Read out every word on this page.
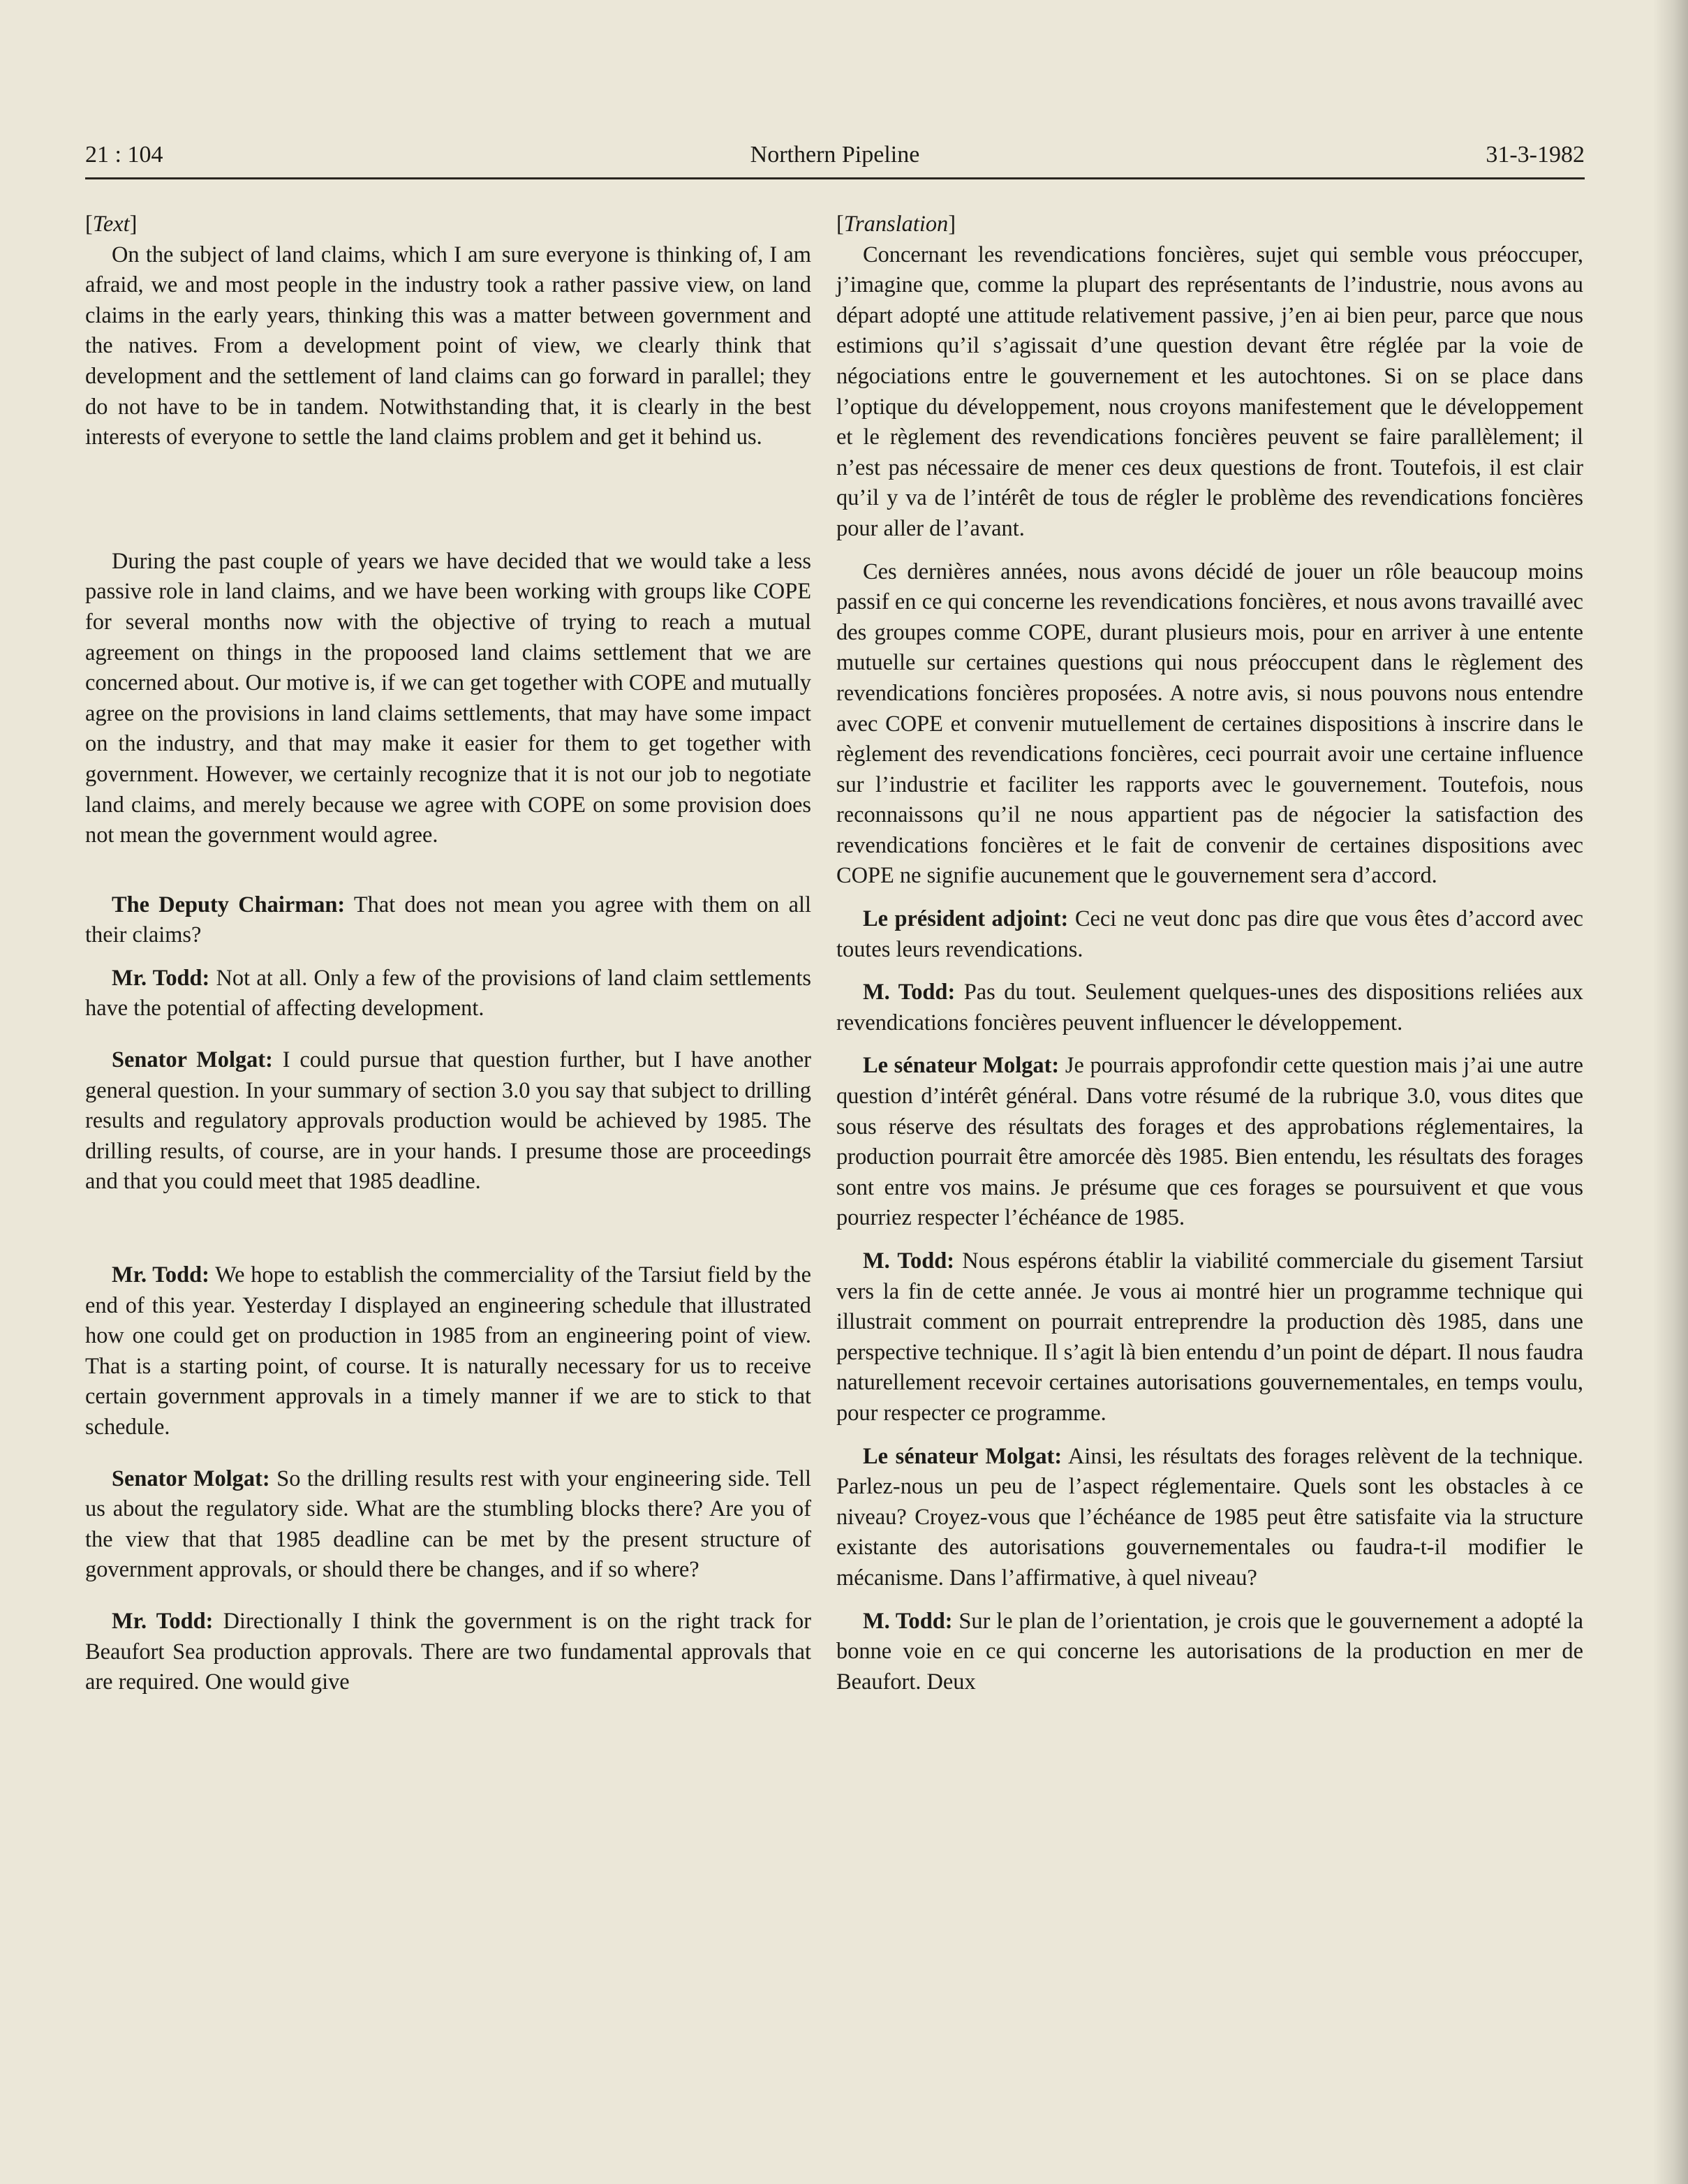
21 : 104	Northern Pipeline	31-3-1982

[Text]

On the subject of land claims, which I am sure everyone is thinking of, I am afraid, we and most people in the industry took a rather passive view, on land claims in the early years, thinking this was a matter between government and the natives. From a development point of view, we clearly think that development and the settlement of land claims can go forward in parallel; they do not have to be in tandem. Notwithstanding that, it is clearly in the best interests of everyone to settle the land claims problem and get it behind us.

During the past couple of years we have decided that we would take a less passive role in land claims, and we have been working with groups like COPE for several months now with the objective of trying to reach a mutual agreement on things in the propoosed land claims settlement that we are concerned about. Our motive is, if we can get together with COPE and mutually agree on the provisions in land claims settlements, that may have some impact on the industry, and that may make it easier for them to get together with government. However, we certainly recognize that it is not our job to negotiate land claims, and merely because we agree with COPE on some provision does not mean the government would agree.

The Deputy Chairman: That does not mean you agree with them on all their claims?

Mr. Todd: Not at all. Only a few of the provisions of land claim settlements have the potential of affecting development.

Senator Molgat: I could pursue that question further, but I have another general question. In your summary of section 3.0 you say that subject to drilling results and regulatory approvals production would be achieved by 1985. The drilling results, of course, are in your hands. I presume those are proceedings and that you could meet that 1985 deadline.

Mr. Todd: We hope to establish the commerciality of the Tarsiut field by the end of this year. Yesterday I displayed an engineering schedule that illustrated how one could get on production in 1985 from an engineering point of view. That is a starting point, of course. It is naturally necessary for us to receive certain government approvals in a timely manner if we are to stick to that schedule.

Senator Molgat: So the drilling results rest with your engineering side. Tell us about the regulatory side. What are the stumbling blocks there? Are you of the view that that 1985 deadline can be met by the present structure of government approvals, or should there be changes, and if so where?

Mr. Todd: Directionally I think the government is on the right track for Beaufort Sea production approvals. There are two fundamental approvals that are required. One would give

[Translation]

Concernant les revendications foncières, sujet qui semble vous préoccuper, j’imagine que, comme la plupart des représentants de l’industrie, nous avons au départ adopté une attitude relativement passive, j’en ai bien peur, parce que nous estimions qu’il s’agissait d’une question devant être réglée par la voie de négociations entre le gouvernement et les autochtones. Si on se place dans l’optique du développement, nous croyons manifestement que le développement et le règlement des revendications foncières peuvent se faire parallèlement; il n’est pas nécessaire de mener ces deux questions de front. Toutefois, il est clair qu’il y va de l’intérêt de tous de régler le problème des revendications foncières pour aller de l’avant.

Ces dernières années, nous avons décidé de jouer un rôle beaucoup moins passif en ce qui concerne les revendications foncières, et nous avons travaillé avec des groupes comme COPE, durant plusieurs mois, pour en arriver à une entente mutuelle sur certaines questions qui nous préoccupent dans le règlement des revendications foncières proposées. A notre avis, si nous pouvons nous entendre avec COPE et convenir mutuellement de certaines dispositions à inscrire dans le règlement des revendications foncières, ceci pourrait avoir une certaine influence sur l’industrie et faciliter les rapports avec le gouvernement. Toutefois, nous reconnaissons qu’il ne nous appartient pas de négocier la satisfaction des revendications foncières et le fait de convenir de certaines dispositions avec COPE ne signifie aucunement que le gouvernement sera d’accord.

Le président adjoint: Ceci ne veut donc pas dire que vous êtes d’accord avec toutes leurs revendications.

M. Todd: Pas du tout. Seulement quelques-unes des dispositions reliées aux revendications foncières peuvent influencer le développement.

Le sénateur Molgat: Je pourrais approfondir cette question mais j’ai une autre question d’intérêt général. Dans votre résumé de la rubrique 3.0, vous dites que sous réserve des résultats des forages et des approbations réglementaires, la production pourrait être amorcée dès 1985. Bien entendu, les résultats des forages sont entre vos mains. Je présume que ces forages se poursuivent et que vous pourriez respecter l’échéance de 1985.

M. Todd: Nous espérons établir la viabilité commerciale du gisement Tarsiut vers la fin de cette année. Je vous ai montré hier un programme technique qui illustrait comment on pourrait entreprendre la production dès 1985, dans une perspective technique. Il s’agit là bien entendu d’un point de départ. Il nous faudra naturellement recevoir certaines autorisations gouvernementales, en temps voulu, pour respecter ce programme.

Le sénateur Molgat: Ainsi, les résultats des forages relèvent de la technique. Parlez-nous un peu de l’aspect réglementaire. Quels sont les obstacles à ce niveau? Croyez-vous que l’échéance de 1985 peut être satisfaite via la structure existante des autorisations gouvernementales ou faudra-t-il modifier le mécanisme. Dans l’affirmative, à quel niveau?

M. Todd: Sur le plan de l’orientation, je crois que le gouvernement a adopté la bonne voie en ce qui concerne les autorisations de la production en mer de Beaufort. Deux
